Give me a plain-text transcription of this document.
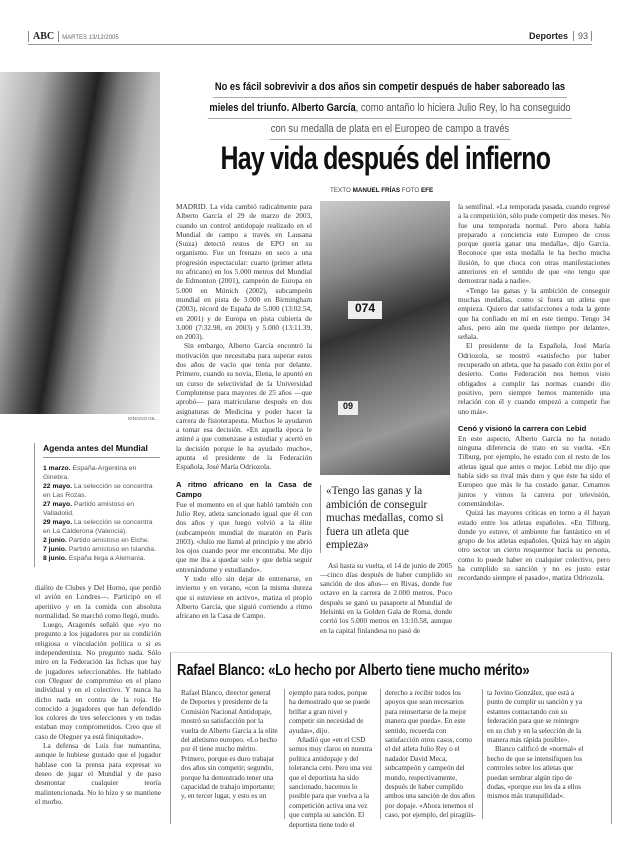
ABC MARTES 13/12/2005	Deportes 93
IGNACIO GIL
Agenda antes del Mundial
1 marzo. España-Argentina en Ginebra.
22 mayo. La selección se concentra en Las Rozas.
27 mayo. Partido amistoso en Valladolid.
29 mayo. La selección se concentra en La Calderona (Valencia).
2 junio. Partido amistoso en Elche.
7 junio. Partido amistoso en Islandia.
8 junio. España llega a Alemania.

dialito de Clubes y Del Horno, que perdió el avión en Londres—. Participó en el aperitivo y en la comida con absoluta normalidad. Se marchó como llegó, mudo.

Luego, Aragonés señaló que «yo no pregunto a los jugadores por su condición religiosa o vinculación política o si es independentista. No pregunto nada. Sólo miro en la Federación las fichas que hay de jugadores seleccionables. He hablado con Oleguer de compromiso en el plano individual y en el colectivo. Y nunca ha dicho nada en contra de la roja. He conocido a jugadores que han defendido los colores de tres selecciones y en todas estaban muy comprometidos. Creo que el caso de Oleguer ya está finiquitado».

La defensa de Luis fue numantina, aunque le hubiese gustado que el jugador hablase con la prensa para expresar su deseo de jugar el Mundial y de paso desmontar cualquier teoría malintencionada. No lo hizo y se mantiene el morbo.

No es fácil sobrevivir a dos años sin competir después de haber saboreado las
mieles del triunfo. Alberto García, como antaño lo hiciera Julio Rey, lo ha conseguido
con su medalla de plata en el Europeo de campo a través
Hay vida después del infierno
TEXTO MANUEL FRÍAS FOTO EFE

MADRID. La vida cambió radicalmente para Alberto García el 29 de marzo de 2003, cuando un control antidopaje realizado en el Mundial de campo a través en Lausana (Suiza) detectó restos de EPO en su organismo. Fue un frenazo en seco a una progresión espectacular: cuarto (primer atleta no africano) en los 5.000 metros del Mundial de Edmonton (2001), campeón de Europa en 5.000 en Múnich (2002), subcampeón mundial en pista de 3.000 en Birmingham (2003), récord de España de 5.000 (13:02.54, en 2001) y de Europa en pista cubierta de 3.000 (7:32.98, en 2003) y 5.000 (13:11.39, en 2003).

Sin embargo, Alberto García encontró la motivación que necesitaba para superar estos dos años de vacío que tenía por delante. Primero, cuando su novia, Elena, le apuntó en un curso de selectividad de la Universidad Complutense para mayores de 25 años —que aprobó— para matricularse después en dos asignaturas de Medicina y poder hacer la carrera de fisioterapeuta. Muchos le ayudaron a tomar esa decisión. «En aquella época le animé a que comenzase a estudiar y acertó en la decisión porque le ha ayudado mucho», apunta el presidente de la Federación Española, José María Odriozola.

A ritmo africano en la Casa de Campo

Fue el momento en el que habló también con Julio Rey, atleta sancionado igual que él con dos años y que luego volvió a la élite (subcampeón mundial de maratón en París 2003). «Julio me llamó al principio y me abrió los ojos cuando peor me encontraba. Me dijo que me iba a quedar solo y que debía seguir entrenándome y estudiando».

Y todo ello sin dejar de entrenarse, en invierno y en verano, «con la misma dureza que si estuviese en activo», matiza el propio Alberto García, que siguió corriendo a ritmo africano en la Casa de Campo.

074
09
«Tengo las ganas y la ambición de conseguir muchas medallas, como si fuera un atleta que empieza»

Así hasta su vuelta, el 14 de junio de 2005 —cinco días después de haber cumplido su sanción de dos años— en Rivas, donde fue octavo en la carrera de 2.000 metros. Poco después se ganó su pasaporte al Mundial de Helsinki en la Golden Gala de Roma, donde corrió los 5.000 metros en 13:10.58, aunque en la capital finlandesa no pasó de

la semifinal. «La temporada pasada, cuando regresé a la competición, sólo pude competir dos meses. No fue una temporada normal. Pero ahora había preparado a conciencia este Europeo de cross porque quería ganar una medalla», dijo García. Reconoce que esta medalla le ha hecho mucha ilusión, lo que choca con otras manifestaciones anteriores en el sentido de que «no tengo que demostrar nada a nadie».

«Tengo las ganas y la ambición de conseguir muchas medallas, como si fuera un atleta que empieza. Quiero dar satisfacciones a toda la gente que ha confiado en mí en este tiempo. Tengo 34 años, pero aún me queda tiempo por delante», señala.

El presidente de la Española, José María Odriozola, se mostró «satisfecho por haber recuperado un atleta, que ha pasado con éxito por el desierto. Como Federación nos hemos visto obligados a cumplir las normas cuando dio positivo, pero siempre hemos mantenido una relación con él y cuando empezó a competir fue uno más».

Cenó y visionó la carrera con Lebid

En este aspecto, Alberto García no ha notado ninguna diferencia de trato en su vuelta. «En Tilburg, por ejemplo, he estado con el resto de los atletas igual que antes o mejor. Lebid me dijo que había sido su rival más duro y que éste ha sido el Europeo que más le ha costado ganar. Cenamos juntos y vimos la carrera por televisión, comentándola».

Quizá las mayores críticas en torno a él hayan estado entre los atletas españoles. «En Tilburg, donde yo estuve, el ambiente fue fantástico en el grupo de los atletas españoles. Quizá hay en algún otro sector un cierto resquemor hacia su persona, como lo puede haber en cualquier colectivo, pero ha cumplido su sanción y no es justo estar recordando siempre el pasado», matiza Odriozola.

Rafael Blanco: «Lo hecho por Alberto tiene mucho mérito»

Rafael Blanco, director general de Deportes y presidente de la Comisión Nacional Antidopaje, mostró su satisfacción por la vuelta de Alberto García a la elite del atletismo europeo. «Lo hecho por él tiene mucho mérito. Primero, porque es duro trabajar dos años sin competir; segundo, porque ha demostrado tener una capacidad de trabajo importante; y, en tercer lugar, y esto es un

ejemplo para todos, porque ha demostrado que se puede brillar a gran nivel y competir sin necesidad de ayudas», dijo.

Añadió que «en el CSD somos muy claros en nuestra política antidopaje y del tolerancia cero. Pero una vez que el deportista ha sido sancionado, hacemos lo posible para que vuelva a la competición activa una vez que cumpla su sanción. El deportista tiene todo el

derecho a recibir todos los apoyos que sean necesarios para reinsertarse de la mejor manera que pueda». En este sentido, recuerda con satisfacción otros casos, como el del atleta Julio Rey o el nadador David Meca, subcampeón y campeón del mundo, respectivamente, después de haber cumplido ambos una sanción de dos años por dopaje. «Ahora tenemos el caso, por ejemplo, del piragüis-

ta Jovino González, que está a punto de cumplir su sanción y ya estamos contactando con su federación para que se reintegre en su club y en la selección de la manera más rápida posible».

Blanco calificó de «normal» el hecho de que se intensifiquen los controles sobre los atletas que puedan sembrar algún tipo de dudas, «porque eso les da a ellos mismos más tranquilidad».
